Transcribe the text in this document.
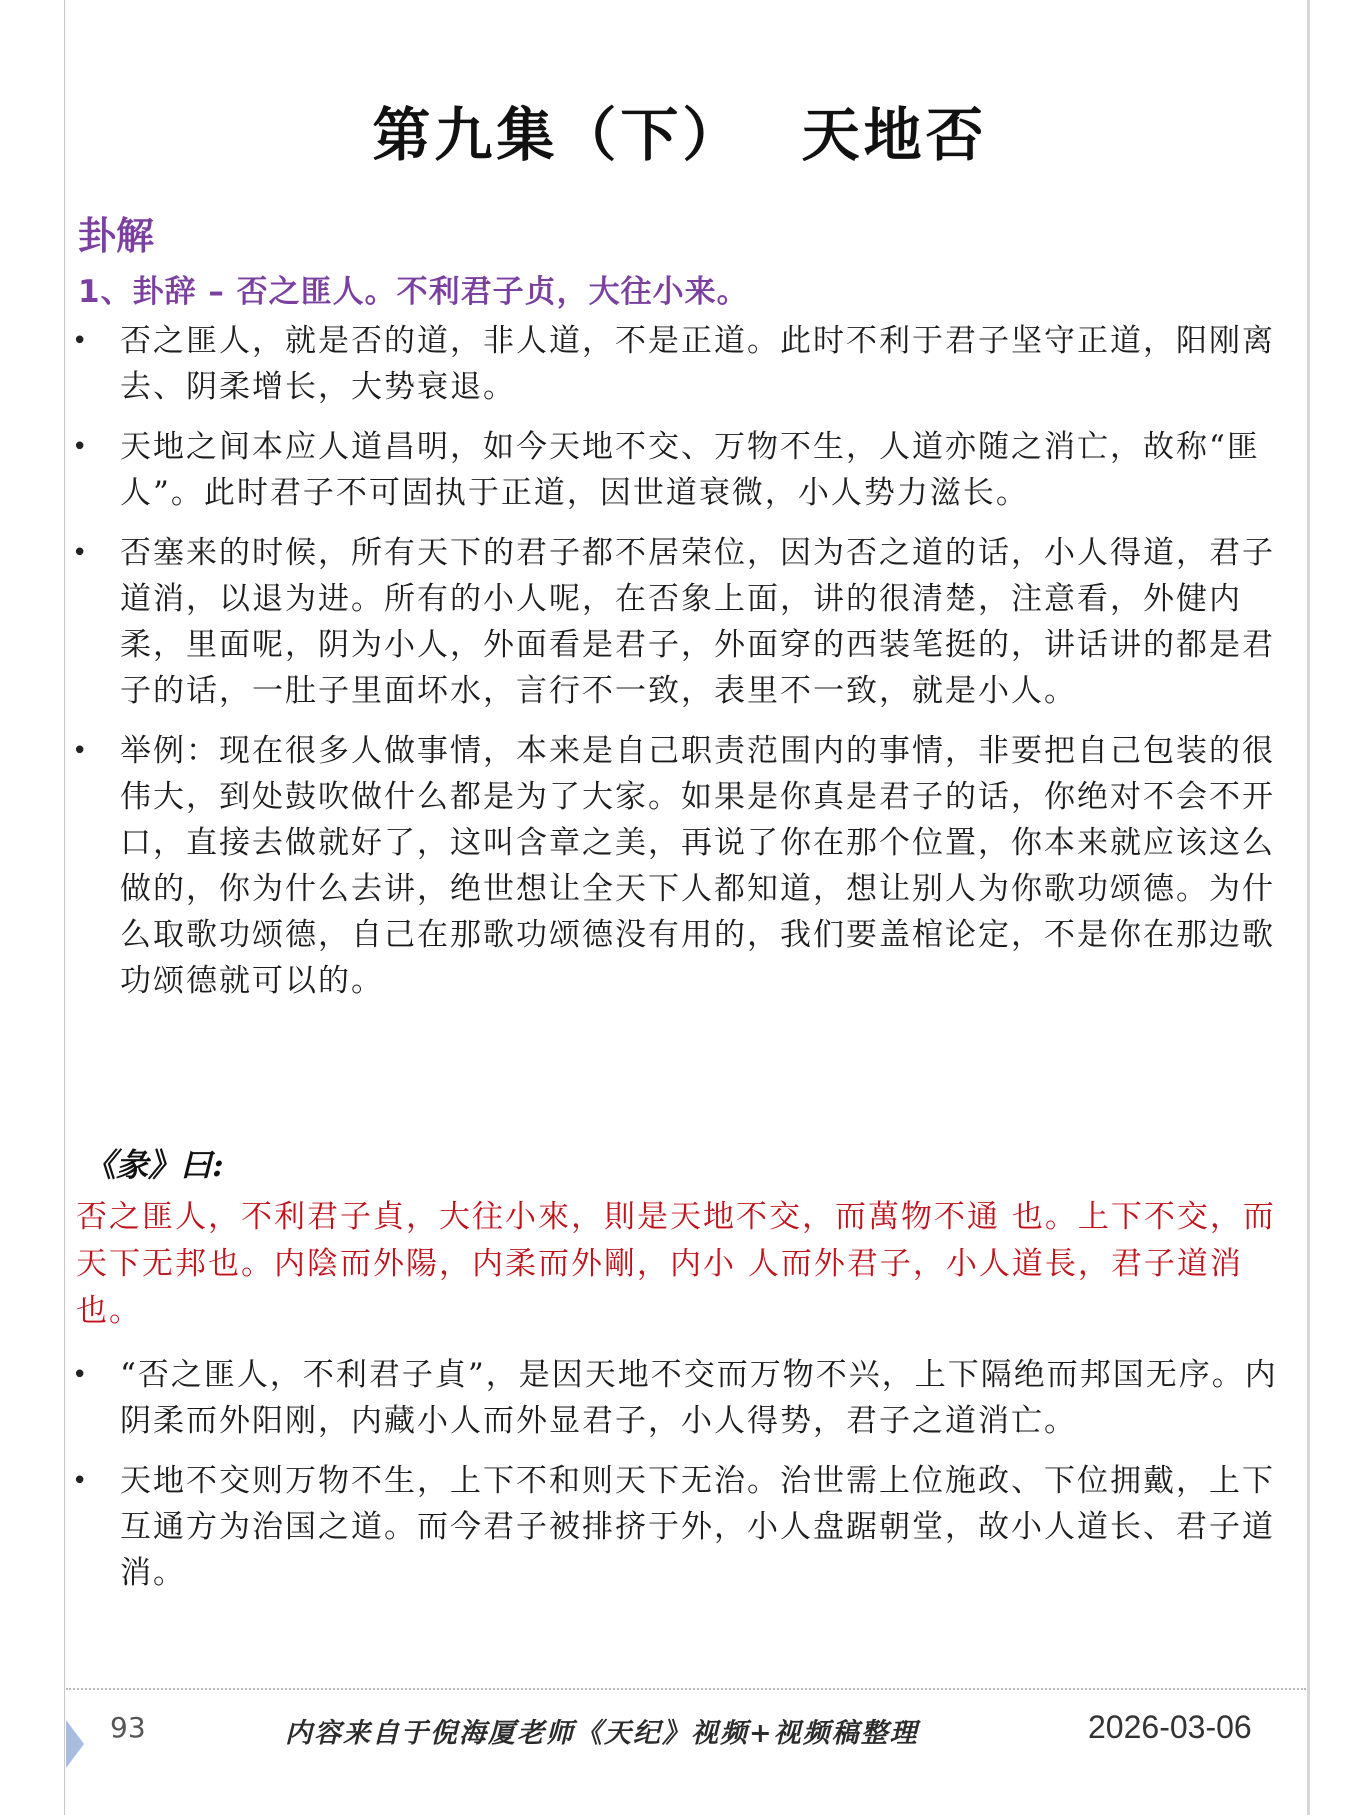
第九集（下）　 天地否
卦解
1、卦辞 – 否之匪人。不利君子贞，大往小来。
• 否之匪人，就是否的道，非人道，不是正道。此时不利于君子坚守正道，阳刚离去、阴柔增长，大势衰退。
• 天地之间本应人道昌明，如今天地不交、万物不生，人道亦随之消亡，故称“匪人”。此时君子不可固执于正道，因世道衰微，小人势力滋长。
• 否塞来的时候，所有天下的君子都不居荣位，因为否之道的话，小人得道，君子道消，以退为进。所有的小人呢，在否象上面，讲的很清楚，注意看，外健内柔，里面呢，阴为小人，外面看是君子，外面穿的西装笔挺的，讲话讲的都是君子的话，一肚子里面坏水，言行不一致，表里不一致，就是小人。
• 举例：现在很多人做事情，本来是自己职责范围内的事情，非要把自己包装的很伟大，到处鼓吹做什么都是为了大家。如果是你真是君子的话，你绝对不会不开口，直接去做就好了，这叫含章之美，再说了你在那个位置，你本来就应该这么做的，你为什么去讲，绝世想让全天下人都知道，想让别人为你歌功颂德。为什么取歌功颂德，自己在那歌功颂德没有用的，我们要盖棺论定，不是你在那边歌功颂德就可以的。
《彖》曰:
否之匪人，不利君子貞，大往小來，則是天地不交，而萬物不通 也。上下不交，而天下无邦也。内陰而外陽，内柔而外剛，内小 人而外君子，小人道長，君子道消也。
• “否之匪人，不利君子貞”，是因天地不交而万物不兴，上下隔绝而邦国无序。内阴柔而外阳刚，内藏小人而外显君子，小人得势，君子之道消亡。
• 天地不交则万物不生，上下不和则天下无治。治世需上位施政、下位拥戴，上下互通方为治国之道。而今君子被排挤于外，小人盘踞朝堂，故小人道长、君子道消。
93	内容来自于倪海厦老师《天纪》视频+视频稿整理	2026-03-06
